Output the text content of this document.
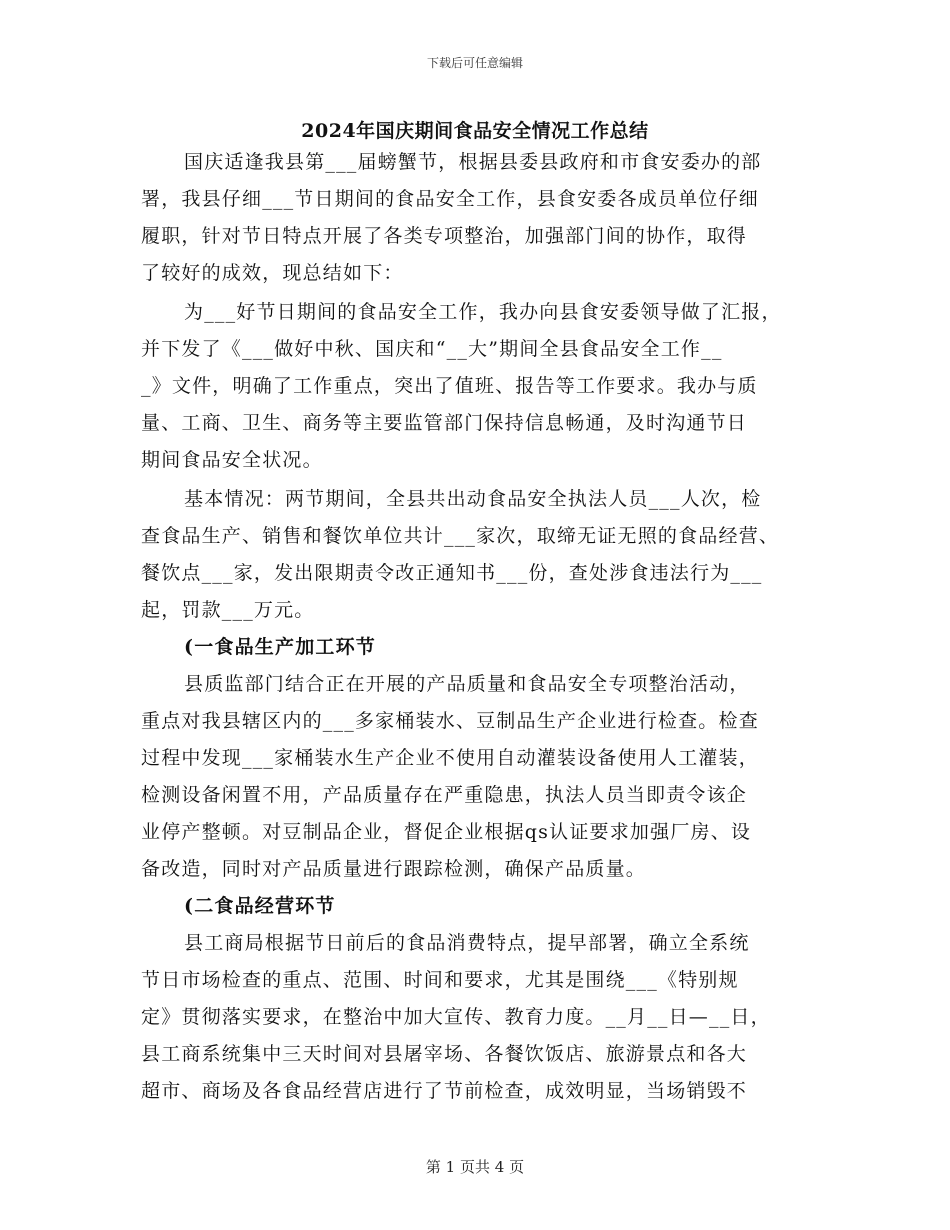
下载后可任意编辑
2024年国庆期间食品安全情况工作总结
国庆适逢我县第___届螃蟹节，根据县委县政府和市食安委办的部
署，我县仔细___节日期间的食品安全工作，县食安委各成员单位仔细
履职，针对节日特点开展了各类专项整治，加强部门间的协作，取得
了较好的成效，现总结如下：
为___好节日期间的食品安全工作，我办向县食安委领导做了汇报，
并下发了《___做好中秋、国庆和“__大”期间全县食品安全工作__
_》文件，明确了工作重点，突出了值班、报告等工作要求。我办与质
量、工商、卫生、商务等主要监管部门保持信息畅通，及时沟通节日
期间食品安全状况。
基本情况：两节期间，全县共出动食品安全执法人员___人次，检
查食品生产、销售和餐饮单位共计___家次，取缔无证无照的食品经营、
餐饮点___家，发出限期责令改正通知书___份，查处涉食违法行为___
起，罚款___万元。
(一食品生产加工环节
县质监部门结合正在开展的产品质量和食品安全专项整治活动，
重点对我县辖区内的___多家桶装水、豆制品生产企业进行检查。检查
过程中发现___家桶装水生产企业不使用自动灌装设备使用人工灌装，
检测设备闲置不用，产品质量存在严重隐患，执法人员当即责令该企
业停产整顿。对豆制品企业，督促企业根据qs认证要求加强厂房、设
备改造，同时对产品质量进行跟踪检测，确保产品质量。
(二食品经营环节
县工商局根据节日前后的食品消费特点，提早部署，确立全系统
节日市场检查的重点、范围、时间和要求，尤其是围绕___《特别规
定》贯彻落实要求，在整治中加大宣传、教育力度。__月__日—__日，
县工商系统集中三天时间对县屠宰场、各餐饮饭店、旅游景点和各大
超市、商场及各食品经营店进行了节前检查，成效明显，当场销毁不
第 1 页共 4 页
